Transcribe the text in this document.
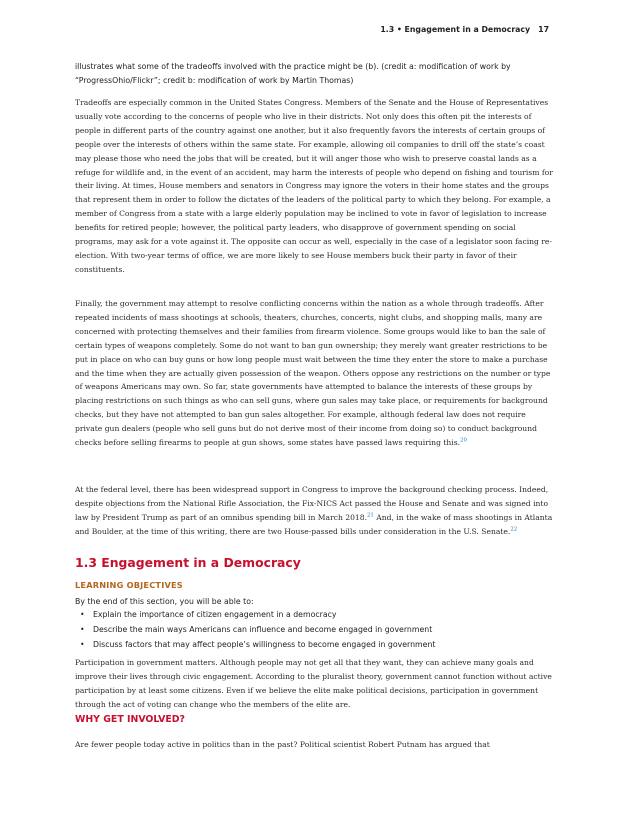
1.3 • Engagement in a Democracy 17
illustrates what some of the tradeoffs involved with the practice might be (b). (credit a: modification of work by “ProgressOhio/Flickr”; credit b: modification of work by Martin Thomas)

Tradeoffs are especially common in the United States Congress. Members of the Senate and the House of Representatives usually vote according to the concerns of people who live in their districts. Not only does this often pit the interests of people in different parts of the country against one another, but it also frequently favors the interests of certain groups of people over the interests of others within the same state. For example, allowing oil companies to drill off the state’s coast may please those who need the jobs that will be created, but it will anger those who wish to preserve coastal lands as a refuge for wildlife and, in the event of an accident, may harm the interests of people who depend on fishing and tourism for their living. At times, House members and senators in Congress may ignore the voters in their home states and the groups that represent them in order to follow the dictates of the leaders of the political party to which they belong. For example, a member of Congress from a state with a large elderly population may be inclined to vote in favor of legislation to increase benefits for retired people; however, the political party leaders, who disapprove of government spending on social programs, may ask for a vote against it. The opposite can occur as well, especially in the case of a legislator soon facing re-election. With two-year terms of office, we are more likely to see House members buck their party in favor of their constituents.

Finally, the government may attempt to resolve conflicting concerns within the nation as a whole through tradeoffs. After repeated incidents of mass shootings at schools, theaters, churches, concerts, night clubs, and shopping malls, many are concerned with protecting themselves and their families from firearm violence. Some groups would like to ban the sale of certain types of weapons completely. Some do not want to ban gun ownership; they merely want greater restrictions to be put in place on who can buy guns or how long people must wait between the time they enter the store to make a purchase and the time when they are actually given possession of the weapon. Others oppose any restrictions on the number or type of weapons Americans may own. So far, state governments have attempted to balance the interests of these groups by placing restrictions on such things as who can sell guns, where gun sales may take place, or requirements for background checks, but they have not attempted to ban gun sales altogether. For example, although federal law does not require private gun dealers (people who sell guns but do not derive most of their income from doing so) to conduct background checks before selling firearms to people at gun shows, some states have passed laws requiring this.$^{20}$

At the federal level, there has been widespread support in Congress to improve the background checking process. Indeed, despite objections from the National Rifle Association, the Fix-NICS Act passed the House and Senate and was signed into law by President Trump as part of an omnibus spending bill in March 2018.21 And, in the wake of mass shootings in Atlanta and Boulder, at the time of this writing, there are two House-passed bills under consideration in the U.S. Senate.$^{22}$

1.3 Engagement in a Democracy
LEARNING OBJECTIVES

By the end of this section, you will be able to:

• Explain the importance of citizen engagement in a democracy
• Describe the main ways Americans can influence and become engaged in government
• Discuss factors that may affect people’s willingness to become engaged in government

Participation in government matters. Although people may not get all that they want, they can achieve many goals and improve their lives through civic engagement. According to the pluralist theory, government cannot function without active participation by at least some citizens. Even if we believe the elite make political decisions, participation in government through the act of voting can change who the members of the elite are.

WHY GET INVOLVED?

Are fewer people today active in politics than in the past? Political scientist Robert Putnam has argued that
